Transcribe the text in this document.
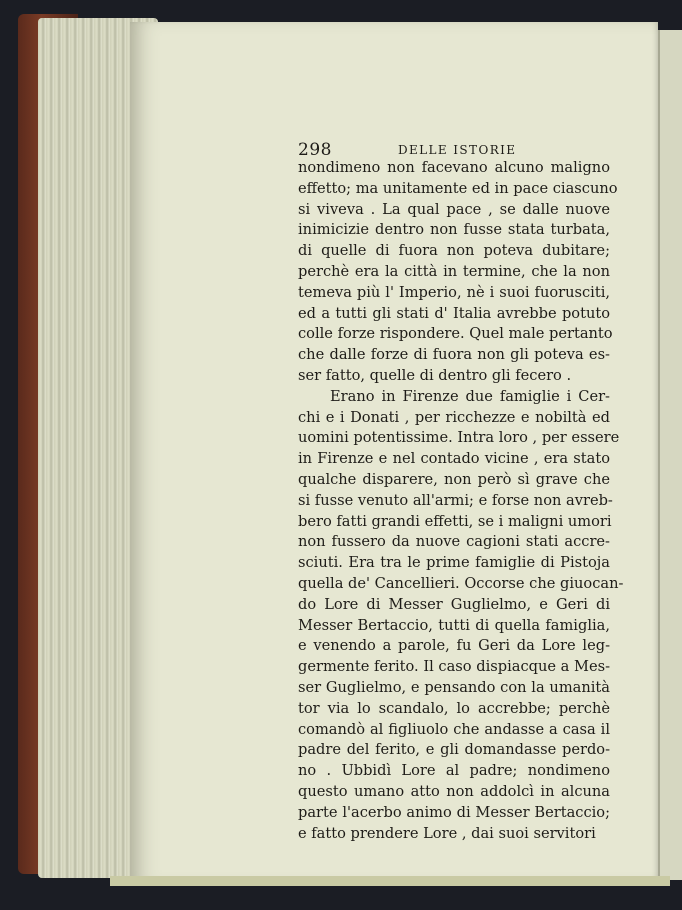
298	DELLE ISTORIE
nondimeno non facevano alcuno maligno
effetto; ma unitamente ed in pace ciascuno
si viveva . La qual pace , se dalle nuove
inimicizie dentro non fusse stata turbata,
di quelle di fuora non poteva dubitare;
perchè era la città in termine, che la non
temeva più l' Imperio, nè i suoi fuorusciti,
ed a tutti gli stati d' Italia avrebbe potuto
colle forze rispondere. Quel male pertanto
che dalle forze di fuora non gli poteva es-
ser fatto, quelle di dentro gli fecero .
Erano in Firenze due famiglie i Cer-
chi e i Donati , per ricchezze e nobiltà ed
uomini potentissime. Intra loro , per essere
in Firenze e nel contado vicine , era stato
qualche disparere, non però sì grave che
si fusse venuto all'armi; e forse non avreb-
bero fatti grandi effetti, se i maligni umori
non fussero da nuove cagioni stati accre-
sciuti. Era tra le prime famiglie di Pistoja
quella de' Cancellieri. Occorse che giuocan-
do Lore di Messer Guglielmo, e Geri di
Messer Bertaccio, tutti di quella famiglia,
e venendo a parole, fu Geri da Lore leg-
germente ferito. Il caso dispiacque a Mes-
ser Guglielmo, e pensando con la umanità
tor via lo scandalo, lo accrebbe; perchè
comandò al figliuolo che andasse a casa il
padre del ferito, e gli domandasse perdo-
no . Ubbidì Lore al padre; nondimeno
questo umano atto non addolcì in alcuna
parte l'acerbo animo di Messer Bertaccio;
e fatto prendere Lore , dai suoi servitori
